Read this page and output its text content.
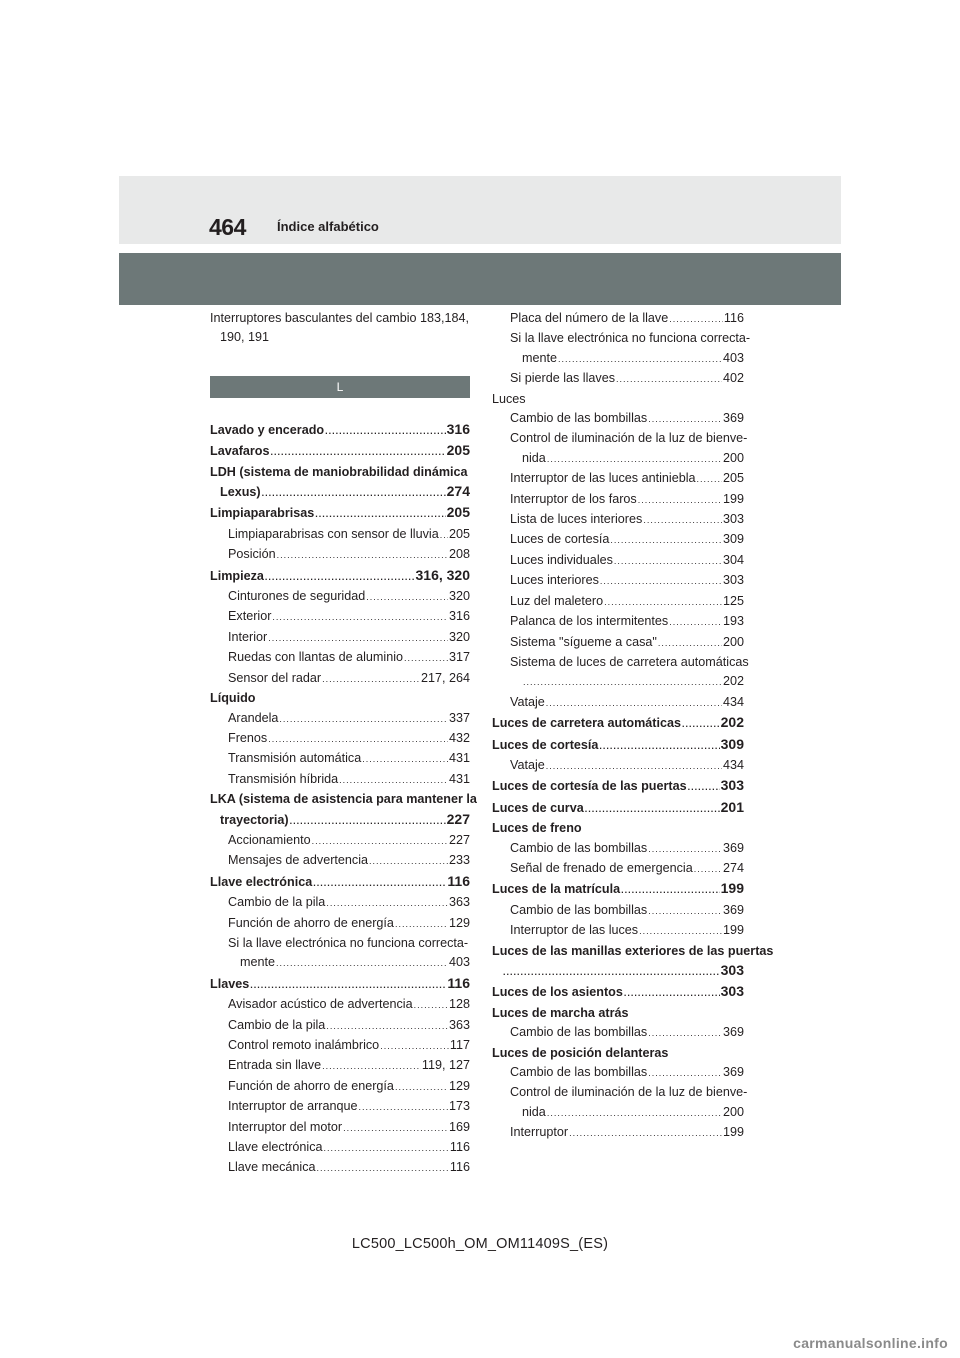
464 Índice alfabético
Interruptores basculantes del cambio 183,184,
190, 191
L
Lavado y encerado .....	316
Lavafaros .....	205
LDH (sistema de maniobrabilidad dinámica
Lexus) .....	274
Limpiaparabrisas .....	205
Limpiaparabrisas con sensor de lluvia ..... 205
Posición .....	208
Limpieza .....	316, 320
Cinturones de seguridad .....	320
Exterior .....	316
Interior .....	320
Ruedas con llantas de aluminio .....	317
Sensor del radar .....	217, 264
Líquido
Arandela .....	337
Frenos .....	432
Transmisión automática .....	431
Transmisión híbrida .....	431
LKA (sistema de asistencia para mantener la
trayectoria) .....	227
Accionamiento .....	227
Mensajes de advertencia .....	233
Llave electrónica .....	116
Cambio de la pila .....	363
Función de ahorro de energía .....	129
Si la llave electrónica no funciona correcta-
mente .....	403
Llaves .....	116
Avisador acústico de advertencia .....	128
Cambio de la pila .....	363
Control remoto inalámbrico .....	117
Entrada sin llave .....	119, 127
Función de ahorro de energía .....	129
Interruptor de arranque .....	173
Interruptor del motor .....	169
Llave electrónica .....	116
Llave mecánica .....	116
Placa del número de la llave .....	116
Si la llave electrónica no funciona correcta-
mente .....	403
Si pierde las llaves .....	402
Luces
Cambio de las bombillas .....	369
Control de iluminación de la luz de bienve-
nida .....	200
Interruptor de las luces antiniebla ..... 205
Interruptor de los faros .....	199
Lista de luces interiores .....	303
Luces de cortesía .....	309
Luces individuales .....	304
Luces interiores .....	303
Luz del maletero .....	125
Palanca de los intermitentes .....	193
Sistema "sígueme a casa" .....	200
Sistema de luces de carretera automáticas
.....
202
Vataje .....	434
Luces de carretera automáticas .....	202
Luces de cortesía .....	309
Vataje .....	434
Luces de cortesía de las puertas ..... 303
Luces de curva .....	201
Luces de freno
Cambio de las bombillas .....	369
Señal de frenado de emergencia ..... 274
Luces de la matrícula .....	199
Cambio de las bombillas .....	369
Interruptor de las luces .....	199
Luces de las manillas exteriores de las puertas
.....
303
Luces de los asientos .....	303
Luces de marcha atrás
Cambio de las bombillas .....	369
Luces de posición delanteras
Cambio de las bombillas .....	369
Control de iluminación de la luz de bienve-
nida .....	200
Interruptor .....	199
LC500_LC500h_OM_OM11409S_(ES)
carmanualsonline.info
